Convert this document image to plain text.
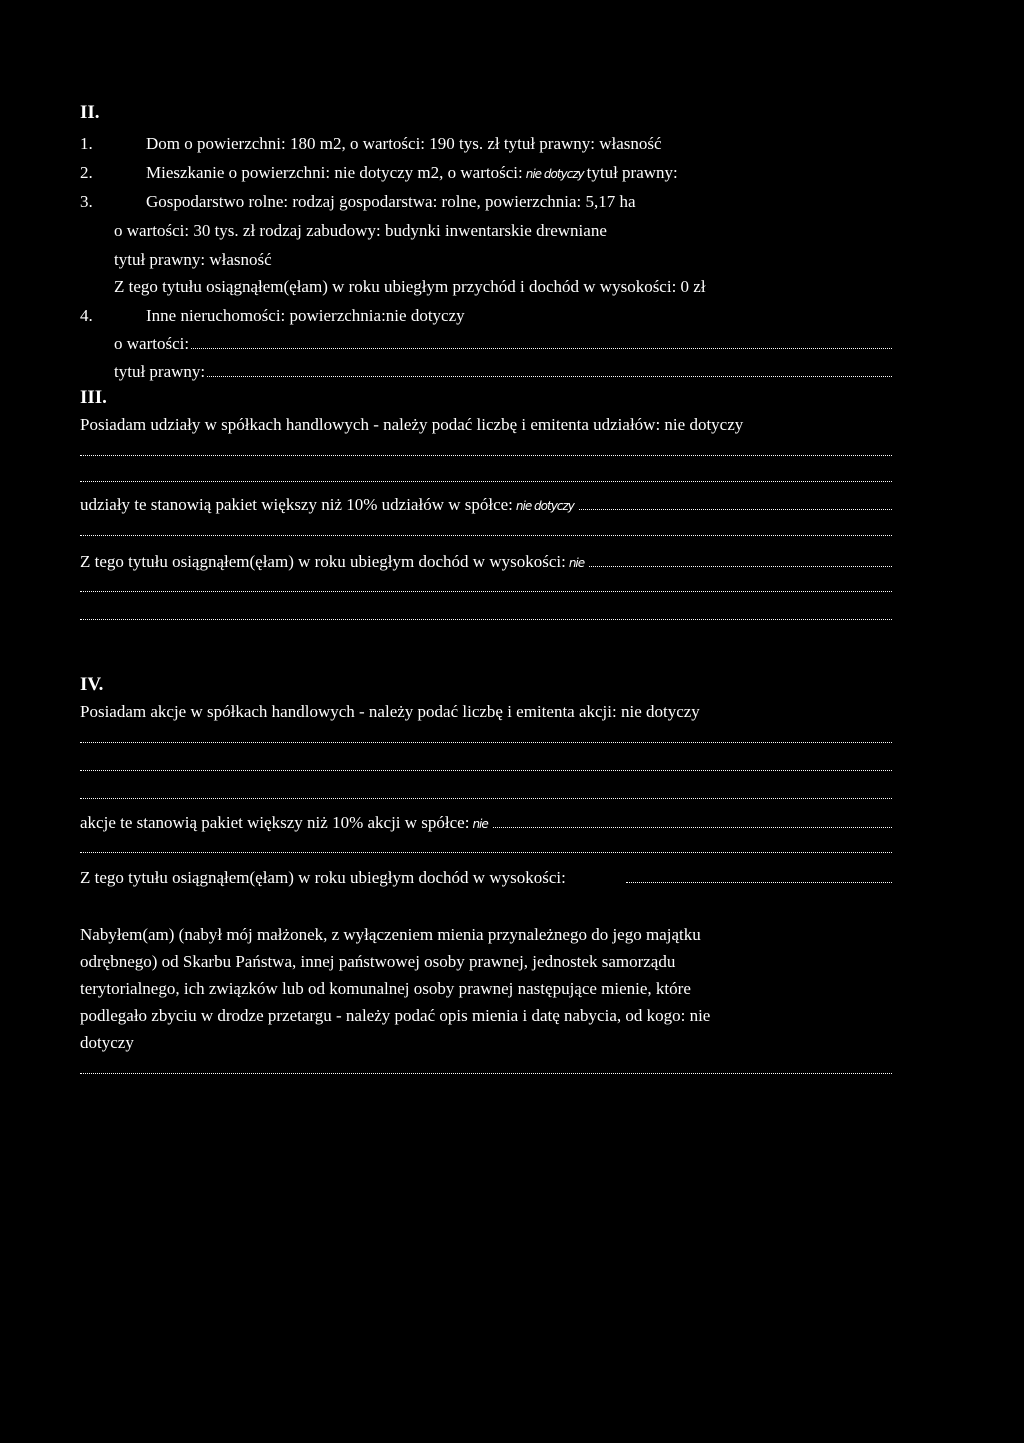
II.
1.	Dom o powierzchni: 180 m2, o wartości: 190 tys. zł tytuł prawny: własność
2.	Mieszkanie o powierzchni: nie dotyczy m2, o wartości: nie dotyczy tytuł prawny:
3.	Gospodarstwo rolne: rodzaj gospodarstwa: rolne, powierzchnia: 5,17 ha
o wartości: 30 tys. zł rodzaj zabudowy: budynki inwentarskie drewniane
tytuł prawny: własność
Z tego tytułu osiągnąłem(ęłam) w roku ubiegłym przychód i dochód w wysokości: 0 zł
4.	Inne nieruchomości: powierzchnia:nie dotyczy
o wartości:
tytuł prawny:
III.
Posiadam udziały w spółkach handlowych - należy podać liczbę i emitenta udziałów: nie dotyczy
udziały te stanowią pakiet większy niż 10% udziałów w spółce: nie dotyczy
Z tego tytułu osiągnąłem(ęłam) w roku ubiegłym dochód w wysokości: nie
IV.
Posiadam akcje w spółkach handlowych - należy podać liczbę i emitenta akcji: nie dotyczy
akcje te stanowią pakiet większy niż 10% akcji w spółce: nie
Z tego tytułu osiągnąłem(ęłam) w roku ubiegłym dochód w wysokości:
Nabyłem(am) (nabył mój małżonek, z wyłączeniem mienia przynależnego do jego majątku
odrębnego) od Skarbu Państwa, innej państwowej osoby prawnej, jednostek samorządu
terytorialnego, ich związków lub od komunalnej osoby prawnej następujące mienie, które
podlegało zbyciu w drodze przetargu - należy podać opis mienia i datę nabycia, od kogo: nie
dotyczy
